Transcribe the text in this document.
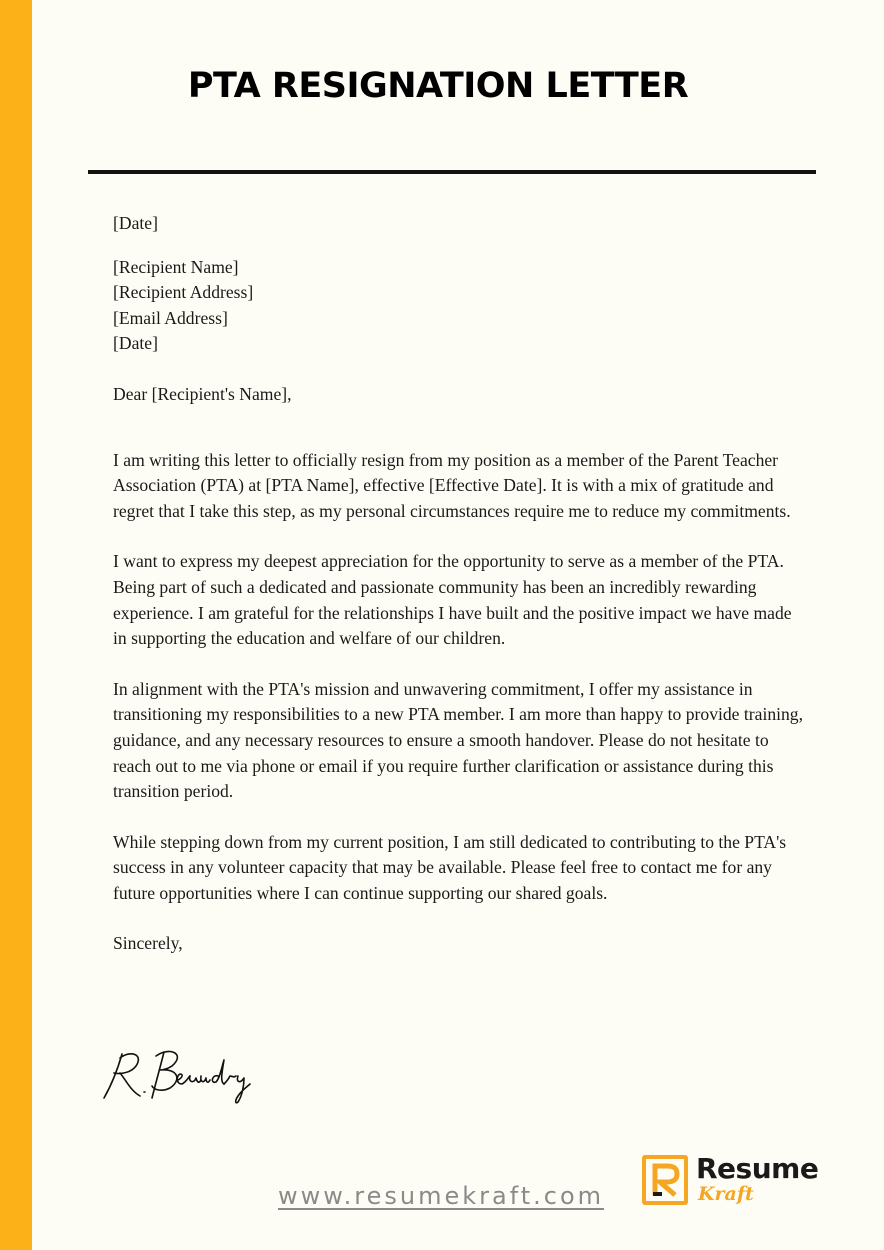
PTA RESIGNATION LETTER

[Date]

[Recipient Name]

[Recipient Address]

[Email Address]

[Date]

Dear [Recipient's Name],

I am writing this letter to officially resign from my position as a member of the Parent Teacher Association (PTA) at [PTA Name], effective [Effective Date]. It is with a mix of gratitude and regret that I take this step, as my personal circumstances require me to reduce my commitments.

I want to express my deepest appreciation for the opportunity to serve as a member of the PTA. Being part of such a dedicated and passionate community has been an incredibly rewarding experience. I am grateful for the relationships I have built and the positive impact we have made in supporting the education and welfare of our children.

In alignment with the PTA's mission and unwavering commitment, I offer my assistance in transitioning my responsibilities to a new PTA member. I am more than happy to provide training, guidance, and any necessary resources to ensure a smooth handover. Please do not hesitate to reach out to me via phone or email if you require further clarification or assistance during this transition period.

While stepping down from my current position, I am still dedicated to contributing to the PTA's success in any volunteer capacity that may be available. Please feel free to contact me for any future opportunities where I can continue supporting our shared goals.

Sincerely,

www.resumekraft.com

Resume
Kraft
